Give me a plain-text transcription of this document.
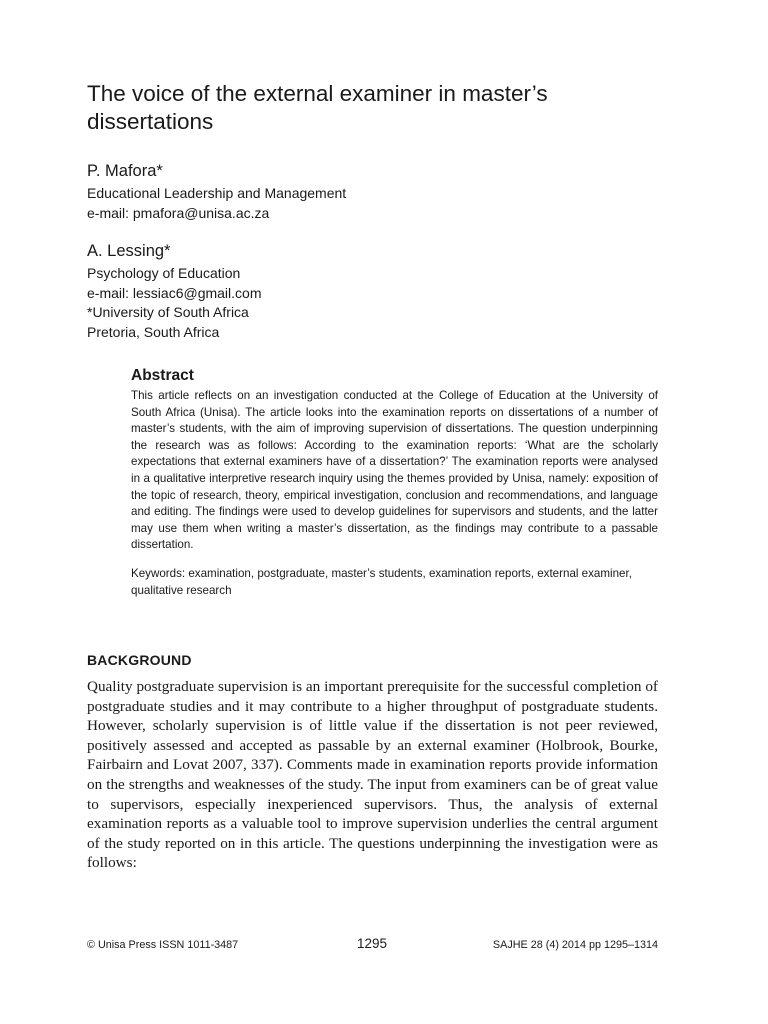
The voice of the external examiner in master’s dissertations

P. Mafora*

Educational Leadership and Management

e-mail: pmafora@unisa.ac.za

A. Lessing*

Psychology of Education

e-mail: lessiac6@gmail.com

*University of South Africa

Pretoria, South Africa

Abstract

This article reflects on an investigation conducted at the College of Education at the University of South Africa (Unisa). The article looks into the examination reports on dissertations of a number of master’s students, with the aim of improving supervision of dissertations. The question underpinning the research was as follows: According to the examination reports: ‘What are the scholarly expectations that external examiners have of a dissertation?’ The examination reports were analysed in a qualitative interpretive research inquiry using the themes provided by Unisa, namely: exposition of the topic of research, theory, empirical investigation, conclusion and recommendations, and language and editing. The findings were used to develop guidelines for supervisors and students, and the latter may use them when writing a master’s dissertation, as the findings may contribute to a passable dissertation.

Keywords: examination, postgraduate, master’s students, examination reports, external examiner, qualitative research
BACKGROUND

Quality postgraduate supervision is an important prerequisite for the successful completion of postgraduate studies and it may contribute to a higher throughput of postgraduate students. However, scholarly supervision is of little value if the dissertation is not peer reviewed, positively assessed and accepted as passable by an external examiner (Holbrook, Bourke, Fairbairn and Lovat 2007, 337). Comments made in examination reports provide information on the strengths and weaknesses of the study. The input from examiners can be of great value to supervisors, especially inexperienced supervisors. Thus, the analysis of external examination reports as a valuable tool to improve supervision underlies the central argument of the study reported on in this article. The questions underpinning the investigation were as follows:

© Unisa Press ISSN 1011-3487	1295	SAJHE 28 (4) 2014 pp 1295–1314
